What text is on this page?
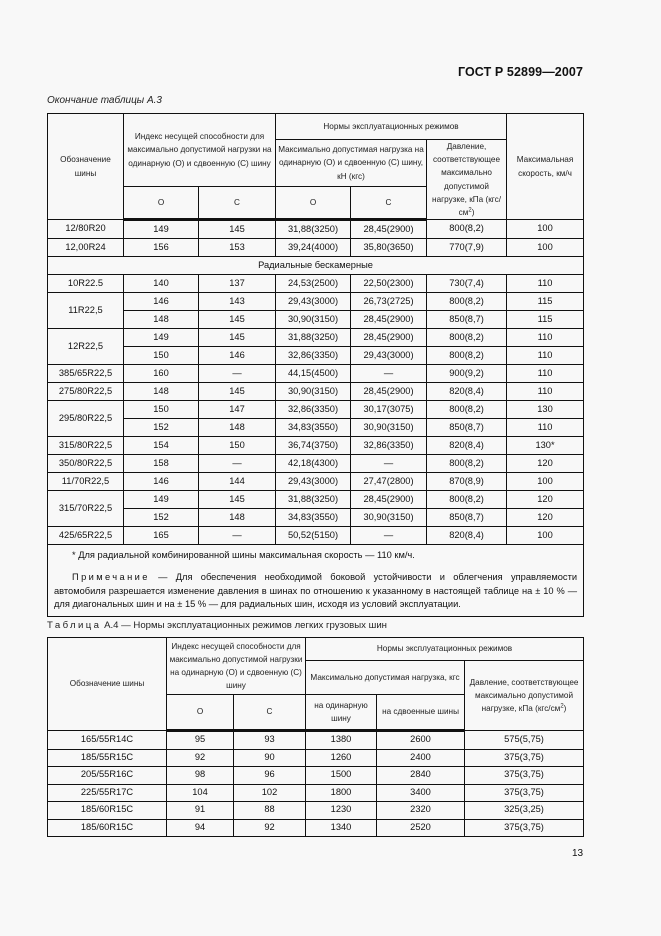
ГОСТ Р 52899—2007
Окончание таблицы А.3
Обозначение шины	Индекс несущей способности для максимально допустимой нагрузки на одинарную (О) и сдвоенную (С) шину		Нормы эксплуатационных режимов			Максимальная скорость, км/ч
			Максимально допустимая нагрузка на одинарную (О) и сдвоенную (С) шину, кН (кгс)		Давление, соответствующее максимально допустимой нагрузке, кПа $(кгс/см^2)$	
	О	С	О	С		
12/80R20	149	145	31,88(3250)	28,45(2900)	800(8,2)	100
12,00R24	156	153	39,24(4000)	35,80(3650)	770(7,9)	100
Радиальные бескамерные						
10R22.5	140	137	24,53(2500)	22,50(2300)	730(7,4)	110
11R22,5	146	143	29,43(3000)	26,73(2725)	800(8,2)	115
	148	145	30,90(3150)	28,45(2900)	850(8,7)	115
12R22,5	149	145	31,88(3250)	28,45(2900)	800(8,2)	110
	150	146	32,86(3350)	29,43(3000)	800(8,2)	110
385/65R22,5	160	—	44,15(4500)	—	900(9,2)	110
275/80R22,5	148	145	30,90(3150)	28,45(2900)	820(8,4)	110
295/80R22,5	150	147	32,86(3350)	30,17(3075)	800(8,2)	130
	152	148	34,83(3550)	30,90(3150)	850(8,7)	110
315/80R22,5	154	150	36,74(3750)	32,86(3350)	820(8,4)	130*
350/80R22,5	158	—	42,18(4300)	—	800(8,2)	120
11/70R22,5	146	144	29,43(3000)	27,47(2800)	870(8,9)	100
315/70R22,5	149	145	31,88(3250)	28,45(2900)	800(8,2)	120
	152	148	34,83(3550)	30,90(3150)	850(8,7)	120
425/65R22,5	165	—	50,52(5150)	—	820(8,4)	100

* Для радиальной комбинированной шины максимальная скорость — 110 км/ч.
Примечание — Для обеспечения необходимой боковой устойчивости и облегчения управляемости автомобиля разрешается изменение давления в шинах по отношению к указанному в настоящей таблице на ± 10 % — для диагональных шин и на ± 15 % — для радиальных шин, исходя из условий эксплуатации.						
Таблица А.4 — Нормы эксплуатационных режимов легких грузовых шин
Обозначение шины	Индекс несущей способности для максимально допустимой нагрузки на одинарную (О) и сдвоенную (С) шину		Нормы эксплуатационных режимов		
			Максимально допустимая нагрузка, кгс		Давление, соответствующее максимально допустимой нагрузке, кПа $(кгс/см^2)$
	О	С	на одинарную шину	на сдвоенные шины	
165/55R14C	95	93	1380	2600	575(5,75)
185/55R15C	92	90	1260	2400	375(3,75)
205/55R16C	98	96	1500	2840	375(3,75)
225/55R17C	104	102	1800	3400	375(3,75)
185/60R15C	91	88	1230	2320	325(3,25)
185/60R15C	94	92	1340	2520	375(3,75)
13
